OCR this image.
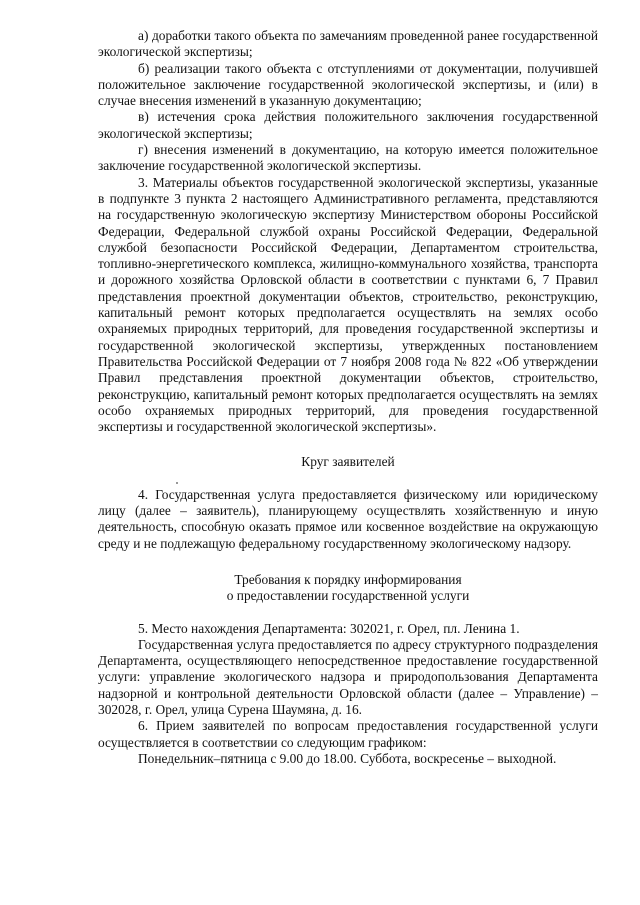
а) доработки такого объекта по замечаниям проведенной ранее государственной экологической экспертизы;

б) реализации такого объекта с отступлениями от документации, получившей положительное заключение государственной экологической экспертизы, и (или) в случае внесения изменений в указанную документацию;

в) истечения срока действия положительного заключения государственной экологической экспертизы;

г) внесения изменений в документацию, на которую имеется положительное заключение государственной экологической экспертизы.

3. Материалы объектов государственной экологической экспертизы, указанные в подпункте 3 пункта 2 настоящего Административного регламента, представляются на государственную экологическую экспертизу Министерством обороны Российской Федерации, Федеральной службой охраны Российской Федерации, Федеральной службой безопасности Российской Федерации, Департаментом строительства, топливно-энергетического комплекса, жилищно-коммунального хозяйства, транспорта и дорожного хозяйства Орловской области в соответствии с пунктами 6, 7 Правил представления проектной документации объектов, строительство, реконструкцию, капитальный ремонт которых предполагается осуществлять на землях особо охраняемых природных территорий, для проведения государственной экспертизы и государственной экологической экспертизы, утвержденных постановлением Правительства Российской Федерации от 7 ноября 2008 года № 822 «Об утверждении Правил представления проектной документации объектов, строительство, реконструкцию, капитальный ремонт которых предполагается осуществлять на землях особо охраняемых природных территорий, для проведения государственной экспертизы и государственной экологической экспертизы».

Круг заявителей

4. Государственная услуга предоставляется физическому или юридическому лицу (далее – заявитель), планирующему осуществлять хозяйственную и иную деятельность, способную оказать прямое или косвенное воздействие на окружающую среду и не подлежащую федеральному государственному экологическому надзору.

Требования к порядку информирования

о предоставлении государственной услуги

5. Место нахождения Департамента: 302021, г. Орел, пл. Ленина 1.

Государственная услуга предоставляется по адресу структурного подразделения Департамента, осуществляющего непосредственное предоставление государственной услуги: управление экологического надзора и природопользования Департамента надзорной и контрольной деятельности Орловской области (далее – Управление) – 302028, г. Орел, улица Сурена Шаумяна, д. 16.

6. Прием заявителей по вопросам предоставления государственной услуги осуществляется в соответствии со следующим графиком:

Понедельник–пятница с 9.00 до 18.00. Суббота, воскресенье – выходной.
